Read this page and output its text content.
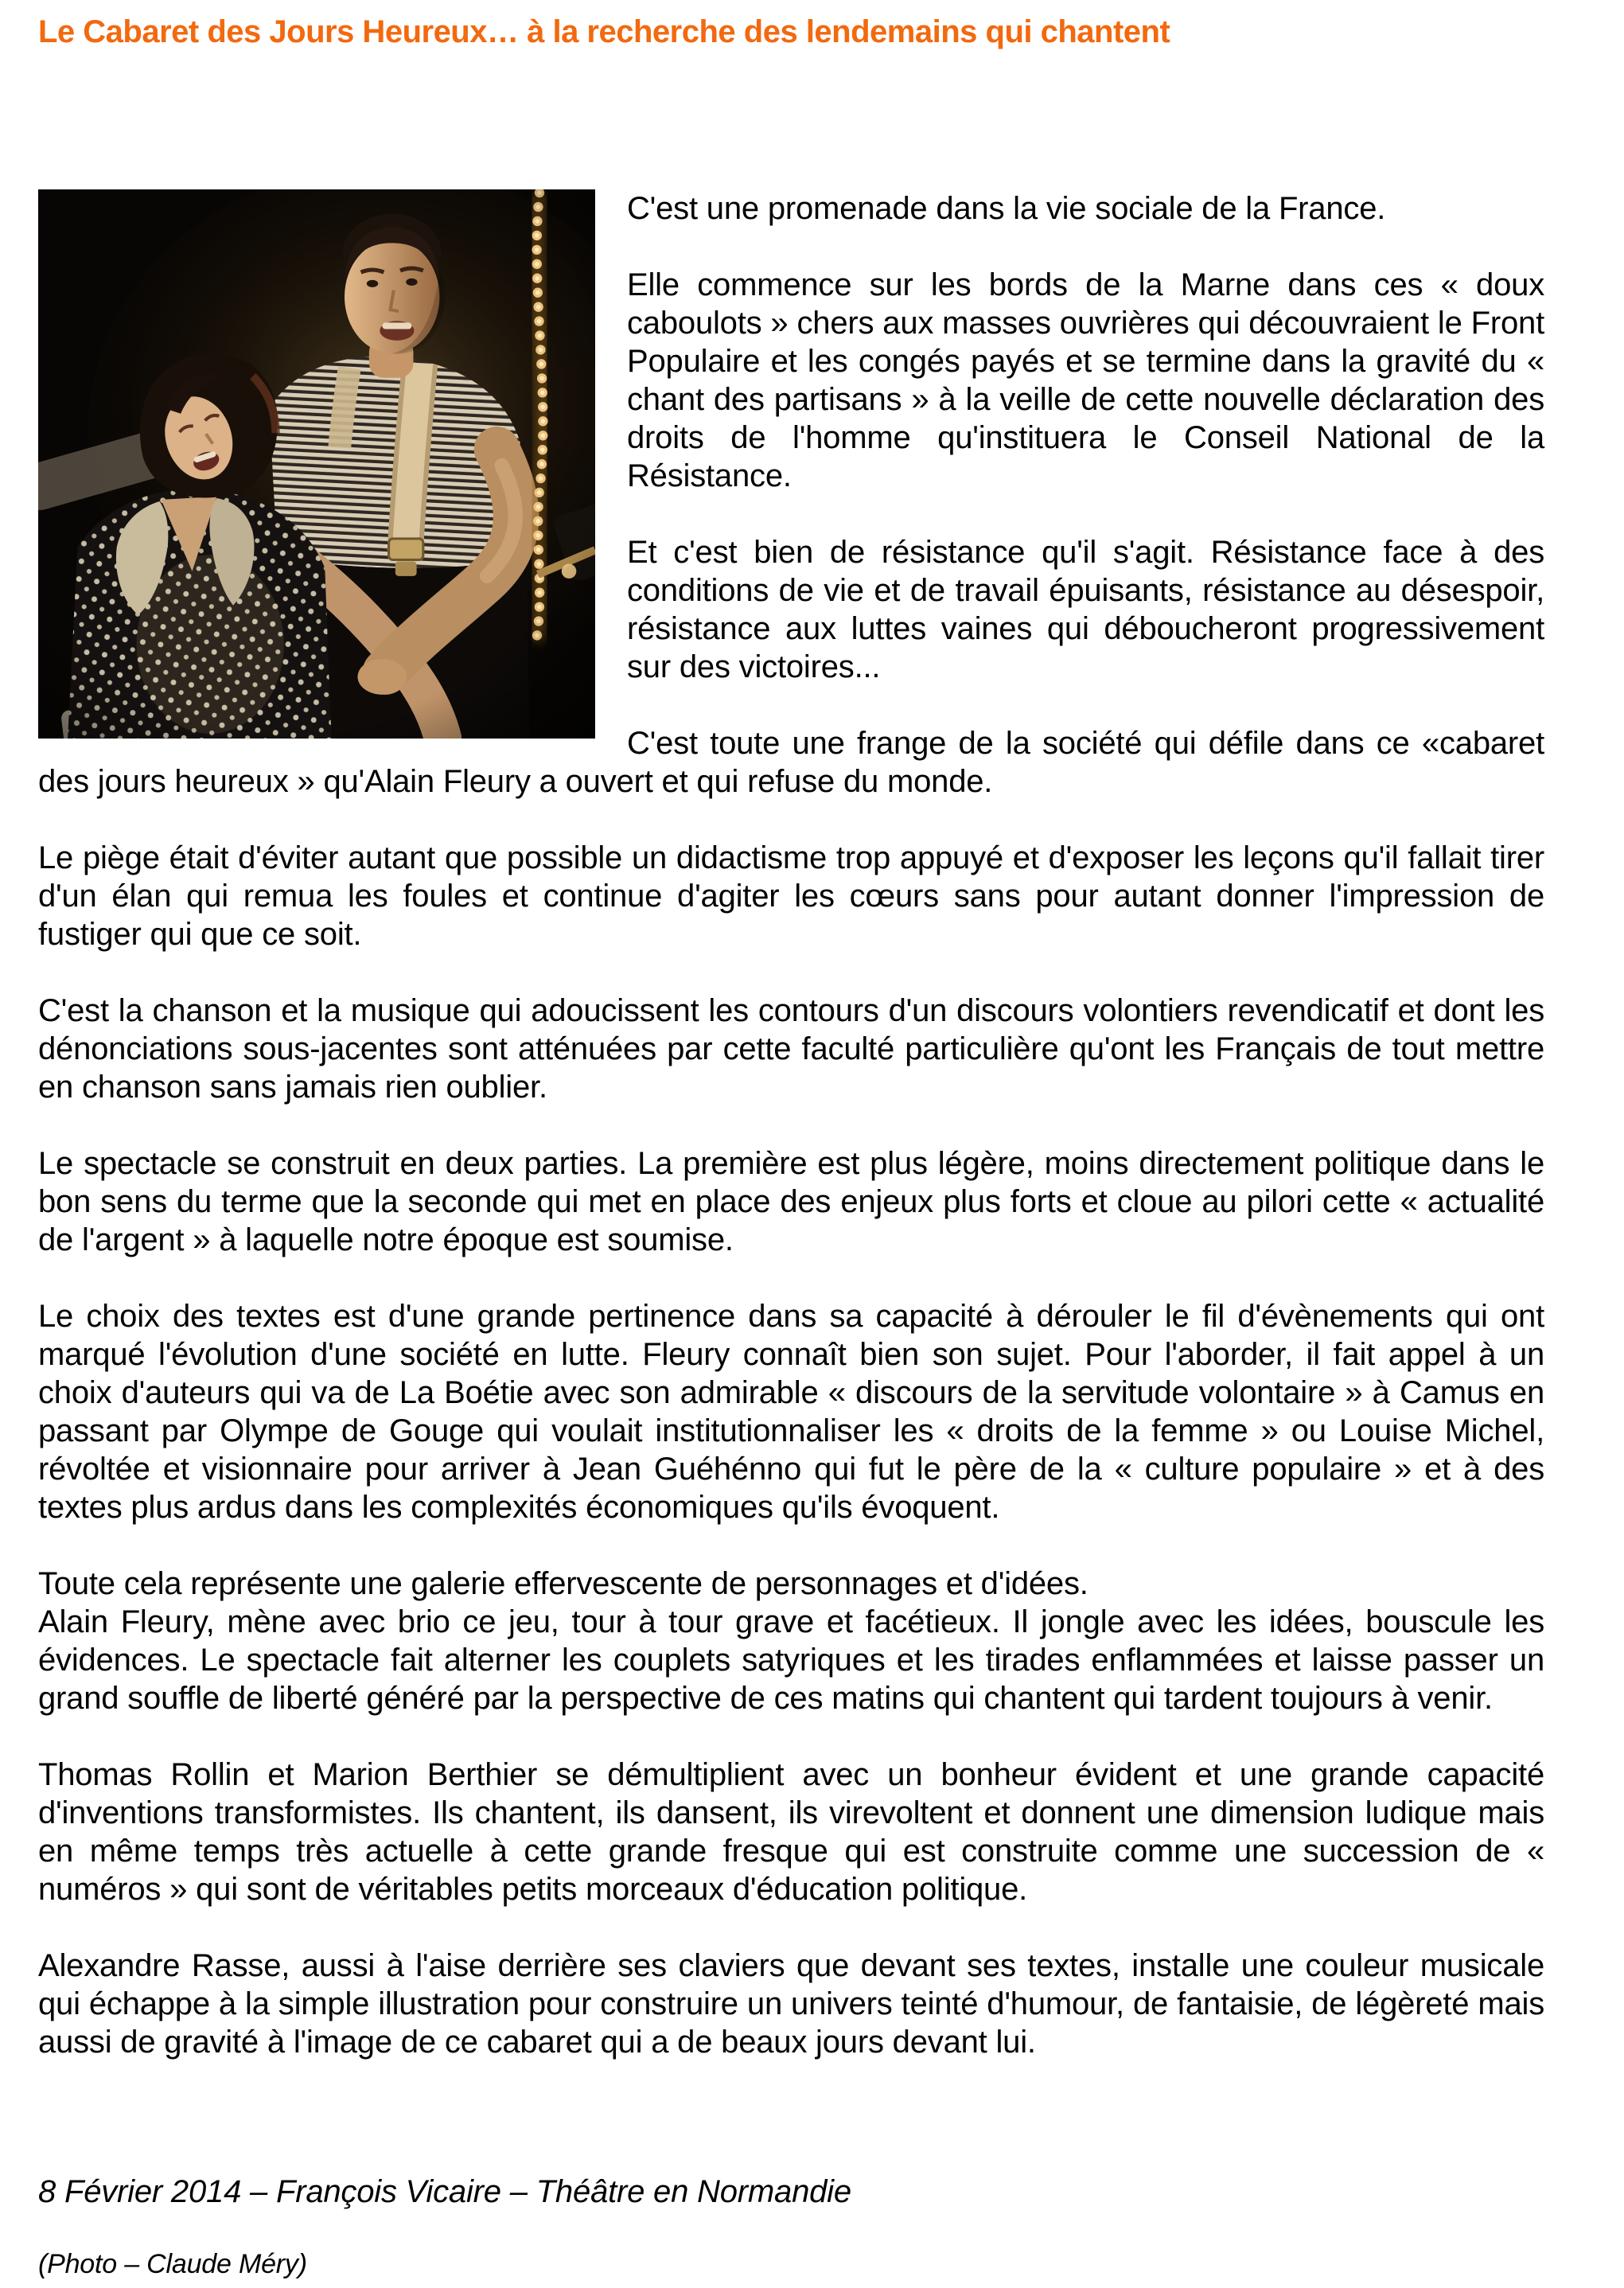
Le Cabaret des Jours Heureux… à la recherche des lendemains qui chantent

C'est une promenade dans la vie sociale de la France.

Elle commence sur les bords de la Marne dans ces « doux caboulots » chers aux masses ouvrières qui découvraient le Front Populaire et les congés payés et se termine dans la gravité du « chant des partisans » à la veille de cette nouvelle déclaration des droits de l'homme qu'instituera le Conseil National de la Résistance.

Et c'est bien de résistance qu'il s'agit. Résistance face à des conditions de vie et de travail épuisants, résistance au désespoir, résistance aux luttes vaines qui déboucheront progressivement sur des victoires...

C'est toute une frange de la société qui défile dans ce «cabaret des jours heureux » qu'Alain Fleury a ouvert et qui refuse du monde.

Le piège était d'éviter autant que possible un didactisme trop appuyé et d'exposer les leçons qu'il fallait tirer d'un élan qui remua les foules et continue d'agiter les cœurs sans pour autant donner l'impression de fustiger qui que ce soit.

C'est la chanson et la musique qui adoucissent les contours d'un discours volontiers revendicatif et dont les dénonciations sous-jacentes sont atténuées par cette faculté particulière qu'ont les Français de tout mettre en chanson sans jamais rien oublier.

Le spectacle se construit en deux parties. La première est plus légère, moins directement politique dans le bon sens du terme que la seconde qui met en place des enjeux plus forts et cloue au pilori cette « actualité de l'argent » à laquelle notre époque est soumise.

Le choix des textes est d'une grande pertinence dans sa capacité à dérouler le fil d'évènements qui ont marqué l'évolution d'une société en lutte. Fleury connaît bien son sujet. Pour l'aborder, il fait appel à un choix d'auteurs qui va de La Boétie avec son admirable « discours de la servitude volontaire » à Camus en passant par Olympe de Gouge qui voulait institutionnaliser les « droits de la femme » ou Louise Michel, révoltée et visionnaire pour arriver à Jean Guéhénno qui fut le père de la « culture populaire » et à des textes plus ardus dans les complexités économiques qu'ils évoquent.

Toute cela représente une galerie effervescente de personnages et d'idées.

Alain Fleury, mène avec brio ce jeu, tour à tour grave et facétieux. Il jongle avec les idées, bouscule les évidences. Le spectacle fait alterner les couplets satyriques et les tirades enflammées et laisse passer un grand souffle de liberté généré par la perspective de ces matins qui chantent qui tardent toujours à venir.

Thomas Rollin et Marion Berthier se démultiplient avec un bonheur évident et une grande capacité d'inventions transformistes. Ils chantent, ils dansent, ils virevoltent et donnent une dimension ludique mais en même temps très actuelle à cette grande fresque qui est construite comme une succession de « numéros » qui sont de véritables petits morceaux d'éducation politique.

Alexandre Rasse, aussi à l'aise derrière ses claviers que devant ses textes, installe une couleur musicale qui échappe à la simple illustration pour construire un univers teinté d'humour, de fantaisie, de légèreté mais aussi de gravité à l'image de ce cabaret qui a de beaux jours devant lui.

8 Février 2014 – François Vicaire – Théâtre en Normandie

(Photo – Claude Méry)
